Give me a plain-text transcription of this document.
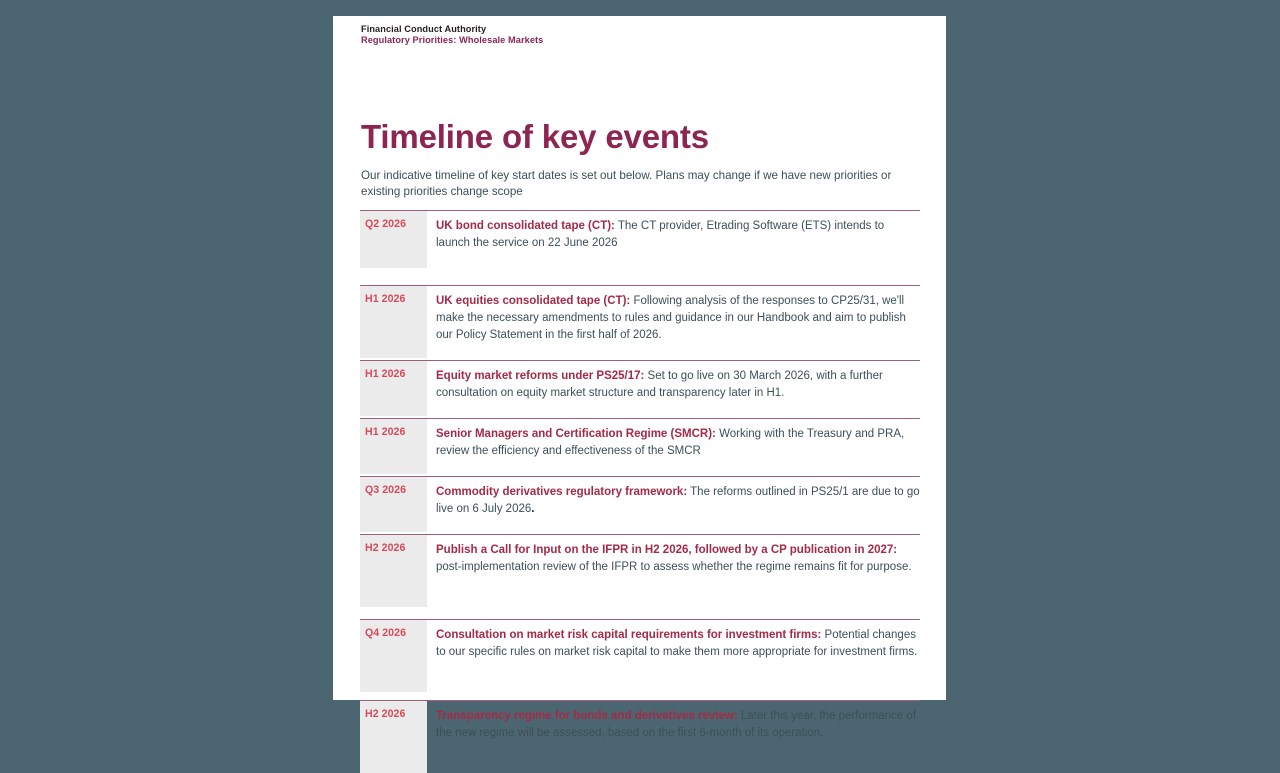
Financial Conduct Authority
Regulatory Priorities: Wholesale Markets
Timeline of key events

Our indicative timeline of key start dates is set out below. Plans may change if we have new priorities or existing priorities change scope

Q2 2026	UK bond consolidated tape (CT): The CT provider, Etrading Software (ETS) intends to launch the service on 22 June 2026
H1 2026	UK equities consolidated tape (CT): Following analysis of the responses to CP25/31, we'll make the necessary amendments to rules and guidance in our Handbook and aim to publish our Policy Statement in the first half of 2026.
H1 2026	Equity market reforms under PS25/17: Set to go live on 30 March 2026, with a further consultation on equity market structure and transparency later in H1.
H1 2026	Senior Managers and Certification Regime (SMCR): Working with the Treasury and PRA, review the efficiency and effectiveness of the SMCR
Q3 2026	Commodity derivatives regulatory framework: The reforms outlined in PS25/1 are due to go live on 6 July 2026.
H2 2026	Publish a Call for Input on the IFPR in H2 2026, followed by a CP publication in 2027: post-implementation review of the IFPR to assess whether the regime remains fit for purpose.
Q4 2026	Consultation on market risk capital requirements for investment firms: Potential changes to our specific rules on market risk capital to make them more appropriate for investment firms.
H2 2026	Transparency regime for bonds and derivatives review: Later this year, the performance of the new regime will be assessed, based on the first 6-month of its operation.
